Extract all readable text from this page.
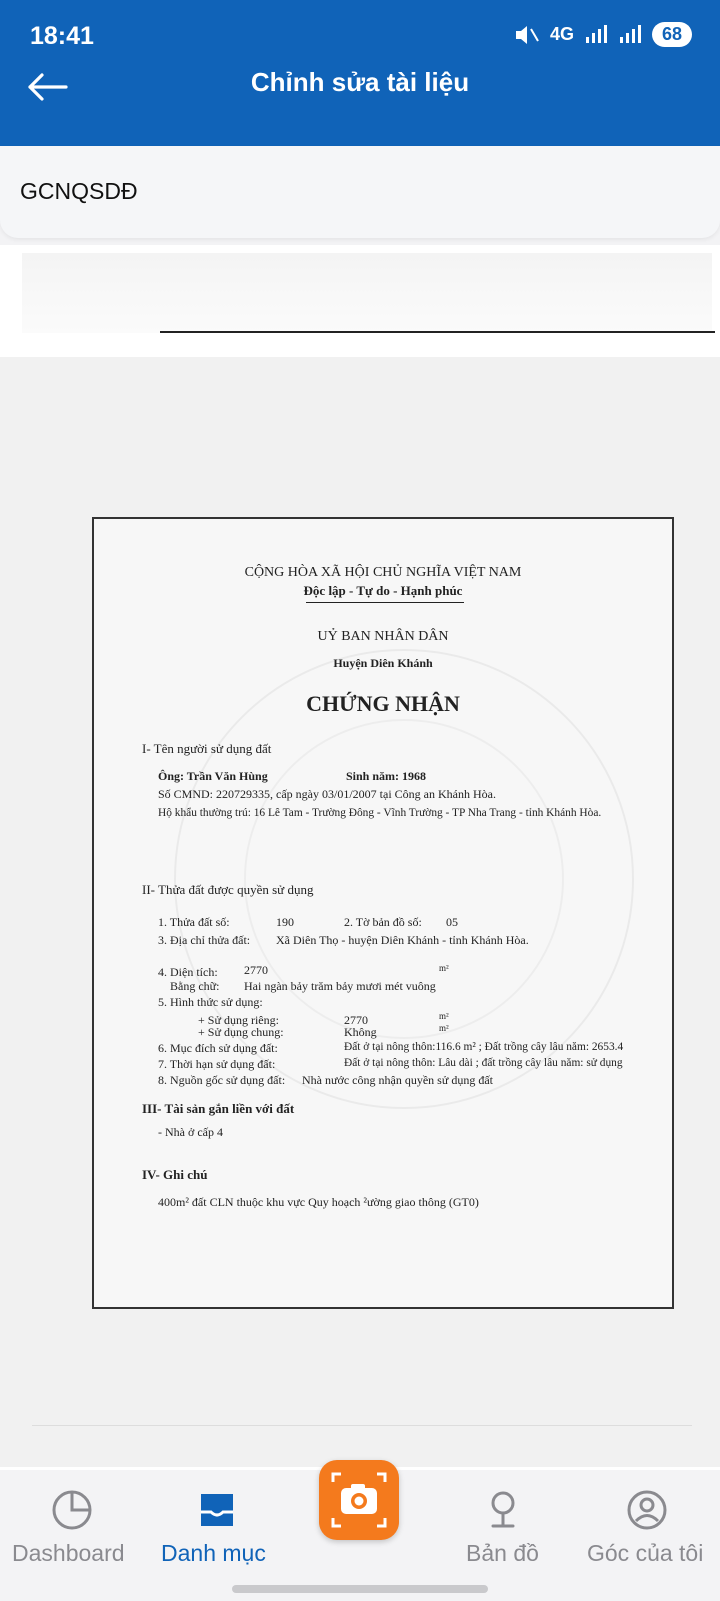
18:41	4G	68
Chỉnh sửa tài liệu
GCNQSDĐ
CỘNG HÒA XÃ HỘI CHỦ NGHĨA VIỆT NAM
Độc lập - Tự do - Hạnh phúc
UỶ BAN NHÂN DÂN
Huyện Diên Khánh
CHỨNG NHẬN
I- Tên người sử dụng đất
Ông: Trần Văn Hùng	Sinh năm: 1968
Số CMND: 220729335, cấp ngày 03/01/2007 tại Công an Khánh Hòa.
Hộ khẩu thường trú: 16 Lê Tam - Trường Đông - Vĩnh Trường - TP Nha Trang - tỉnh Khánh Hòa.
II- Thửa đất được quyền sử dụng
1. Thửa đất số:	190	2. Tờ bản đồ số: 05
3. Địa chỉ thửa đất: Xã Diên Thọ - huyện Diên Khánh - tỉnh Khánh Hòa.
4. Diện tích: 2770	m²
Bằng chữ: Hai ngàn bảy trăm bảy mươi mét vuông
5. Hình thức sử dụng:
+ Sử dụng riêng:	2770	m²
+ Sử dụng chung:	Không	m²
6. Mục đích sử dụng đất:	Đất ở tại nông thôn:116.6 m² ; Đất trồng cây lâu năm: 2653.4
7. Thời hạn sử dụng đất:	Đất ở tại nông thôn: Lâu dài ; đất trồng cây lâu năm: sử dụng
8. Nguồn gốc sử dụng đất: Nhà nước công nhận quyền sử dụng đất
III- Tài sản gắn liền với đất
- Nhà ở cấp 4
IV- Ghi chú
400m² đất CLN thuộc khu vực Quy hoạch ²ường giao thông (GT0)
Dashboard Danh mục	Bản đồ Góc của tôi
